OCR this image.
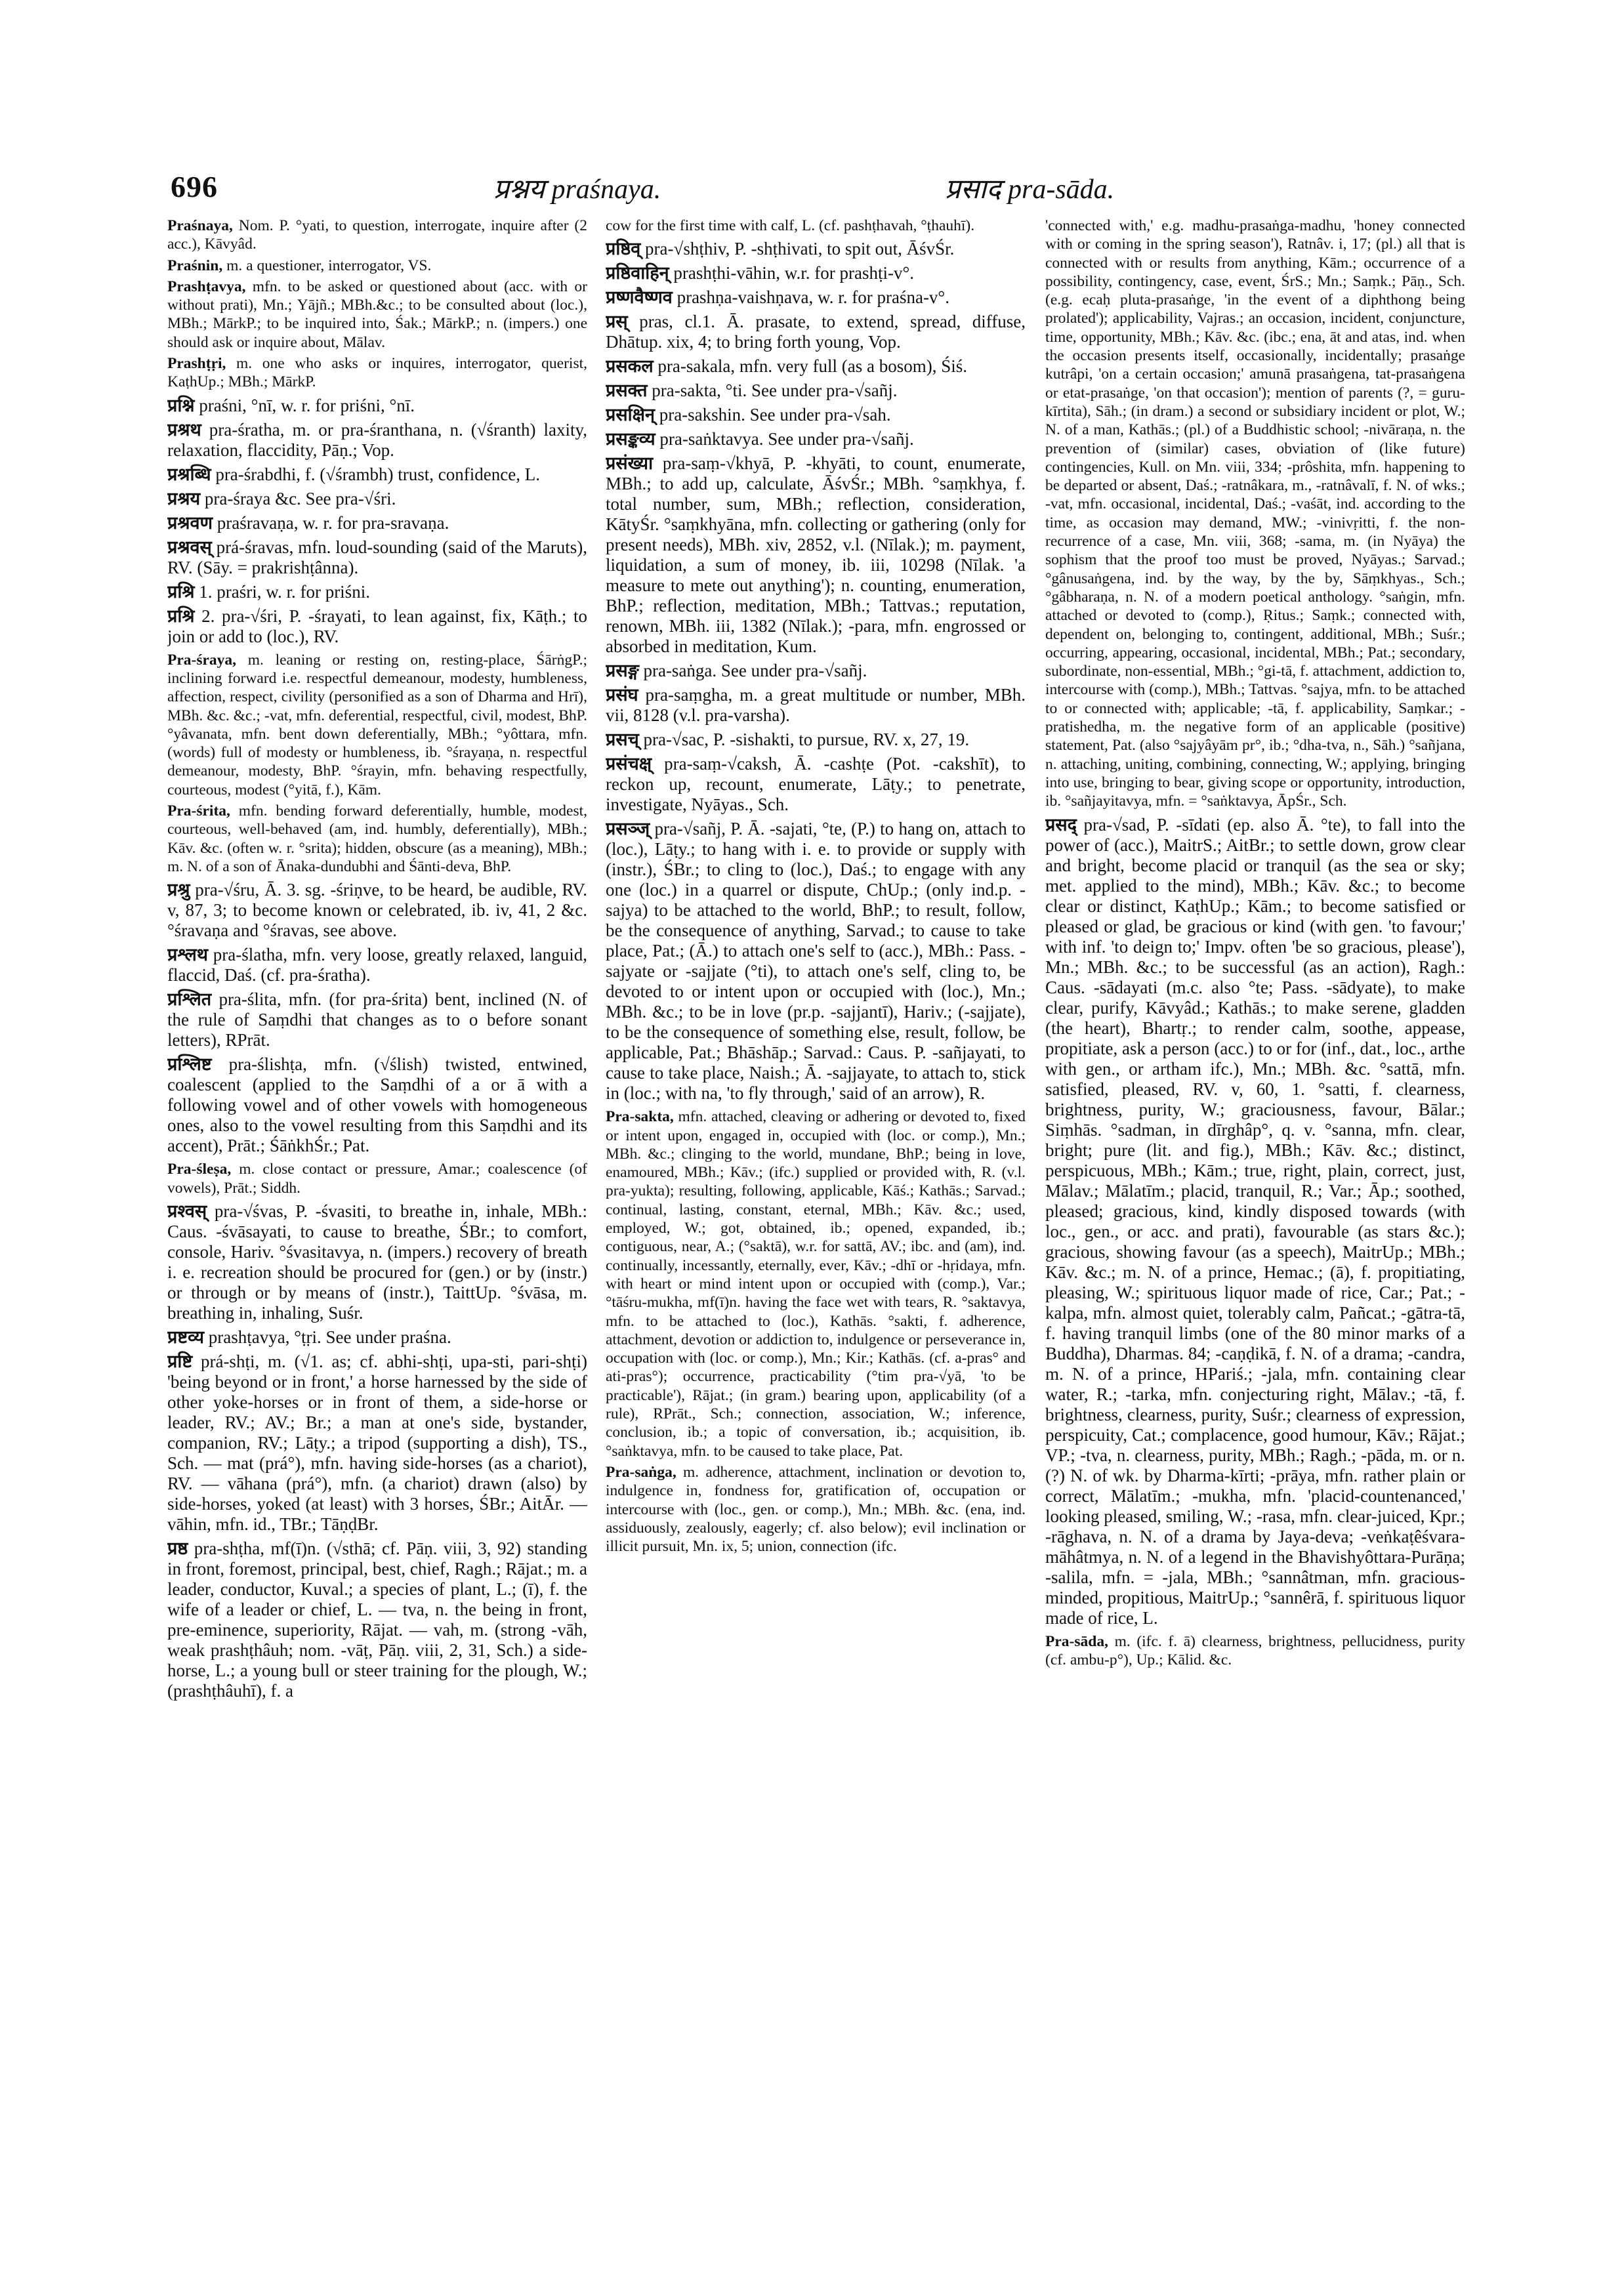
696	प्रश्नय praśnaya.	प्रसाद pra-sāda.

Praśnaya, Nom. P. °yati, to question, interrogate, inquire after (2 acc.), Kāvyâd.

Praśnin, m. a questioner, interrogator, VS.

Prashṭavya, mfn. to be asked or questioned about (acc. with or without prati), Mn.; Yājñ.; MBh.&c.; to be consulted about (loc.), MBh.; MārkP.; to be inquired into, Śak.; MārkP.; n. (impers.) one should ask or inquire about, Mālav.

Prashṭṛi, m. one who asks or inquires, interrogator, querist, KaṭhUp.; MBh.; MārkP.

प्रश्नि praśni, °nī, w. r. for priśni, °nī.

प्रश्रथ pra-śratha, m. or pra-śranthana, n. (√śranth) laxity, relaxation, flaccidity, Pāṇ.; Vop.

प्रश्रब्धि pra-śrabdhi, f. (√śrambh) trust, confidence, L.

प्रश्रय pra-śraya &c. See pra-√śri.

प्रश्रवण praśravaṇa, w. r. for pra-sravaṇa.

प्रश्रवस् prá-śravas, mfn. loud-sounding (said of the Maruts), RV. (Sāy. = prakrishṭânna).

प्रश्रि 1. praśri, w. r. for priśni.

प्रश्रि 2. pra-√śri, P. -śrayati, to lean against, fix, Kāṭh.; to join or add to (loc.), RV.

Pra-śraya, m. leaning or resting on, resting-place, ŚārṅgP.; inclining forward i.e. respectful demeanour, modesty, humbleness, affection, respect, civility (personified as a son of Dharma and Hrī), MBh. &c. &c.; -vat, mfn. deferential, respectful, civil, modest, BhP. °yâvanata, mfn. bent down deferentially, MBh.; °yôttara, mfn. (words) full of modesty or humbleness, ib. °śrayaṇa, n. respectful demeanour, modesty, BhP. °śrayin, mfn. behaving respectfully, courteous, modest (°yitā, f.), Kām.

Pra-śrita, mfn. bending forward deferentially, humble, modest, courteous, well-behaved (am, ind. humbly, deferentially), MBh.; Kāv. &c. (often w. r. °srita); hidden, obscure (as a meaning), MBh.; m. N. of a son of Ānaka-dundubhi and Śānti-deva, BhP.

प्रश्रु pra-√śru, Ā. 3. sg. -śriṇve, to be heard, be audible, RV. v, 87, 3; to become known or celebrated, ib. iv, 41, 2 &c. °śravaṇa and °śravas, see above.

प्रश्लथ pra-ślatha, mfn. very loose, greatly relaxed, languid, flaccid, Daś. (cf. pra-śratha).

प्रश्लित pra-ślita, mfn. (for pra-śrita) bent, inclined (N. of the rule of Saṃdhi that changes as to o before sonant letters), RPrāt.

प्रश्लिष्ट pra-ślishṭa, mfn. (√ślish) twisted, entwined, coalescent (applied to the Saṃdhi of a or ā with a following vowel and of other vowels with homogeneous ones, also to the vowel resulting from this Saṃdhi and its accent), Prāt.; ŚāṅkhŚr.; Pat.

Pra-śleṣa, m. close contact or pressure, Amar.; coalescence (of vowels), Prāt.; Siddh.

प्रश्वस् pra-√śvas, P. -śvasiti, to breathe in, inhale, MBh.: Caus. -śvāsayati, to cause to breathe, ŚBr.; to comfort, console, Hariv. °śvasitavya, n. (impers.) recovery of breath i. e. recreation should be procured for (gen.) or by (instr.) or through or by means of (instr.), TaittUp. °śvāsa, m. breathing in, inhaling, Suśr.

प्रष्टव्य prashṭavya, °ṭṛi. See under praśna.

प्रष्टि prá-shṭi, m. (√1. as; cf. abhi-shṭi, upa-sti, pari-shṭi) 'being beyond or in front,' a horse harnessed by the side of other yoke-horses or in front of them, a side-horse or leader, RV.; AV.; Br.; a man at one's side, bystander, companion, RV.; Lāṭy.; a tripod (supporting a dish), TS., Sch. — mat (prá°), mfn. having side-horses (as a chariot), RV. — vāhana (prá°), mfn. (a chariot) drawn (also) by side-horses, yoked (at least) with 3 horses, ŚBr.; AitĀr. — vāhin, mfn. id., TBr.; TāṇḍBr.

प्रष्ठ pra-shṭha, mf(ī)n. (√sthā; cf. Pāṇ. viii, 3, 92) standing in front, foremost, principal, best, chief, Ragh.; Rājat.; m. a leader, conductor, Kuval.; a species of plant, L.; (ī), f. the wife of a leader or chief, L. — tva, n. the being in front, pre-eminence, superiority, Rājat. — vah, m. (strong -vāh, weak prashṭhâuh; nom. -vāṭ, Pāṇ. viii, 2, 31, Sch.) a side-horse, L.; a young bull or steer training for the plough, W.; (prashṭhâuhī), f. a

cow for the first time with calf, L. (cf. pashṭhavah, °ṭhauhī).

प्रष्ठिव् pra-√shṭhiv, P. -shṭhivati, to spit out, ĀśvŚr.

प्रष्ठिवाहिन् prashṭhi-vāhin, w.r. for prashṭi-v°.

प्रष्णवैष्णव prashṇa-vaishṇava, w. r. for praśna-v°.

प्रस् pras, cl.1. Ā. prasate, to extend, spread, diffuse, Dhātup. xix, 4; to bring forth young, Vop.

प्रसकल pra-sakala, mfn. very full (as a bosom), Śiś.

प्रसक्त pra-sakta, °ti. See under pra-√sañj.

प्रसक्षिन् pra-sakshin. See under pra-√sah.

प्रसङ्कव्य pra-saṅktavya. See under pra-√sañj.

प्रसंख्या pra-saṃ-√khyā, P. -khyāti, to count, enumerate, MBh.; to add up, calculate, ĀśvŚr.; MBh. °saṃkhya, f. total number, sum, MBh.; reflection, consideration, KātyŚr. °saṃkhyāna, mfn. collecting or gathering (only for present needs), MBh. xiv, 2852, v.l. (Nīlak.); m. payment, liquidation, a sum of money, ib. iii, 10298 (Nīlak. 'a measure to mete out anything'); n. counting, enumeration, BhP.; reflection, meditation, MBh.; Tattvas.; reputation, renown, MBh. iii, 1382 (Nīlak.); -para, mfn. engrossed or absorbed in meditation, Kum.

प्रसङ्ग pra-saṅga. See under pra-√sañj.

प्रसंघ pra-saṃgha, m. a great multitude or number, MBh. vii, 8128 (v.l. pra-varsha).

प्रसच् pra-√sac, P. -sishakti, to pursue, RV. x, 27, 19.

प्रसंचक्ष् pra-saṃ-√caksh, Ā. -cashṭe (Pot. -cakshīt), to reckon up, recount, enumerate, Lāṭy.; to penetrate, investigate, Nyāyas., Sch.

प्रसञ्ज् pra-√sañj, P. Ā. -sajati, °te, (P.) to hang on, attach to (loc.), Lāṭy.; to hang with i. e. to provide or supply with (instr.), ŚBr.; to cling to (loc.), Daś.; to engage with any one (loc.) in a quarrel or dispute, ChUp.; (only ind.p. -sajya) to be attached to the world, BhP.; to result, follow, be the consequence of anything, Sarvad.; to cause to take place, Pat.; (Ā.) to attach one's self to (acc.), MBh.: Pass. -sajyate or -sajjate (°ti), to attach one's self, cling to, be devoted to or intent upon or occupied with (loc.), Mn.; MBh. &c.; to be in love (pr.p. -sajjantī), Hariv.; (-sajjate), to be the consequence of something else, result, follow, be applicable, Pat.; Bhāshāp.; Sarvad.: Caus. P. -sañjayati, to cause to take place, Naish.; Ā. -sajjayate, to attach to, stick in (loc.; with na, 'to fly through,' said of an arrow), R.

Pra-sakta, mfn. attached, cleaving or adhering or devoted to, fixed or intent upon, engaged in, occupied with (loc. or comp.), Mn.; MBh. &c.; clinging to the world, mundane, BhP.; being in love, enamoured, MBh.; Kāv.; (ifc.) supplied or provided with, R. (v.l. pra-yukta); resulting, following, applicable, Kāś.; Kathās.; Sarvad.; continual, lasting, constant, eternal, MBh.; Kāv. &c.; used, employed, W.; got, obtained, ib.; opened, expanded, ib.; contiguous, near, A.; (°saktā), w.r. for sattā, AV.; ibc. and (am), ind. continually, incessantly, eternally, ever, Kāv.; -dhī or -hṛidaya, mfn. with heart or mind intent upon or occupied with (comp.), Var.; °tāśru-mukha, mf(ī)n. having the face wet with tears, R. °saktavya, mfn. to be attached to (loc.), Kathās. °sakti, f. adherence, attachment, devotion or addiction to, indulgence or perseverance in, occupation with (loc. or comp.), Mn.; Kir.; Kathās. (cf. a-pras° and ati-pras°); occurrence, practicability (°tim pra-√yā, 'to be practicable'), Rājat.; (in gram.) bearing upon, applicability (of a rule), RPrāt., Sch.; connection, association, W.; inference, conclusion, ib.; a topic of conversation, ib.; acquisition, ib. °saṅktavya, mfn. to be caused to take place, Pat.

Pra-saṅga, m. adherence, attachment, inclination or devotion to, indulgence in, fondness for, gratification of, occupation or intercourse with (loc., gen. or comp.), Mn.; MBh. &c. (ena, ind. assiduously, zealously, eagerly; cf. also below); evil inclination or illicit pursuit, Mn. ix, 5; union, connection (ifc.

'connected with,' e.g. madhu-prasaṅga-madhu, 'honey connected with or coming in the spring season'), Ratnâv. i, 17; (pl.) all that is connected with or results from anything, Kām.; occurrence of a possibility, contingency, case, event, ŚrS.; Mn.; Saṃk.; Pāṇ., Sch. (e.g. ecaḥ pluta-prasaṅge, 'in the event of a diphthong being prolated'); applicability, Vajras.; an occasion, incident, conjuncture, time, opportunity, MBh.; Kāv. &c. (ibc.; ena, āt and atas, ind. when the occasion presents itself, occasionally, incidentally; prasaṅge kutrâpi, 'on a certain occasion;' amunā prasaṅgena, tat-prasaṅgena or etat-prasaṅge, 'on that occasion'); mention of parents (?, = guru-kīrtita), Sāh.; (in dram.) a second or subsidiary incident or plot, W.; N. of a man, Kathās.; (pl.) of a Buddhistic school; -nivāraṇa, n. the prevention of (similar) cases, obviation of (like future) contingencies, Kull. on Mn. viii, 334; -prôshita, mfn. happening to be departed or absent, Daś.; -ratnâkara, m., -ratnâvalī, f. N. of wks.; -vat, mfn. occasional, incidental, Daś.; -vaśāt, ind. according to the time, as occasion may demand, MW.; -vinivṛitti, f. the non-recurrence of a case, Mn. viii, 368; -sama, m. (in Nyāya) the sophism that the proof too must be proved, Nyāyas.; Sarvad.; °gânusaṅgena, ind. by the way, by the by, Sāṃkhyas., Sch.; °gâbharaṇa, n. N. of a modern poetical anthology. °saṅgin, mfn. attached or devoted to (comp.), Ṛitus.; Saṃk.; connected with, dependent on, belonging to, contingent, additional, MBh.; Suśr.; occurring, appearing, occasional, incidental, MBh.; Pat.; secondary, subordinate, non-essential, MBh.; °gi-tā, f. attachment, addiction to, intercourse with (comp.), MBh.; Tattvas. °sajya, mfn. to be attached to or connected with; applicable; -tā, f. applicability, Saṃkar.; -pratishedha, m. the negative form of an applicable (positive) statement, Pat. (also °sajyâyām pr°, ib.; °dha-tva, n., Sāh.) °sañjana, n. attaching, uniting, combining, connecting, W.; applying, bringing into use, bringing to bear, giving scope or opportunity, introduction, ib. °sañjayitavya, mfn. = °saṅktavya, ĀpŚr., Sch.

प्रसद् pra-√sad, P. -sīdati (ep. also Ā. °te), to fall into the power of (acc.), MaitrS.; AitBr.; to settle down, grow clear and bright, become placid or tranquil (as the sea or sky; met. applied to the mind), MBh.; Kāv. &c.; to become clear or distinct, KaṭhUp.; Kām.; to become satisfied or pleased or glad, be gracious or kind (with gen. 'to favour;' with inf. 'to deign to;' Impv. often 'be so gracious, please'), Mn.; MBh. &c.; to be successful (as an action), Ragh.: Caus. -sādayati (m.c. also °te; Pass. -sādyate), to make clear, purify, Kāvyâd.; Kathās.; to make serene, gladden (the heart), Bhartṛ.; to render calm, soothe, appease, propitiate, ask a person (acc.) to or for (inf., dat., loc., arthe with gen., or artham ifc.), Mn.; MBh. &c. °sattā, mfn. satisfied, pleased, RV. v, 60, 1. °satti, f. clearness, brightness, purity, W.; graciousness, favour, Bālar.; Siṃhās. °sadman, in dīrghâp°, q. v. °sanna, mfn. clear, bright; pure (lit. and fig.), MBh.; Kāv. &c.; distinct, perspicuous, MBh.; Kām.; true, right, plain, correct, just, Mālav.; Mālatīm.; placid, tranquil, R.; Var.; Āp.; soothed, pleased; gracious, kind, kindly disposed towards (with loc., gen., or acc. and prati), favourable (as stars &c.); gracious, showing favour (as a speech), MaitrUp.; MBh.; Kāv. &c.; m. N. of a prince, Hemac.; (ā), f. propitiating, pleasing, W.; spirituous liquor made of rice, Car.; Pat.; -kalpa, mfn. almost quiet, tolerably calm, Pañcat.; -gātra-tā, f. having tranquil limbs (one of the 80 minor marks of a Buddha), Dharmas. 84; -caṇḍikā, f. N. of a drama; -candra, m. N. of a prince, HPariś.; -jala, mfn. containing clear water, R.; -tarka, mfn. conjecturing right, Mālav.; -tā, f. brightness, clearness, purity, Suśr.; clearness of expression, perspicuity, Cat.; complacence, good humour, Kāv.; Rājat.; VP.; -tva, n. clearness, purity, MBh.; Ragh.; -pāda, m. or n. (?) N. of wk. by Dharma-kīrti; -prāya, mfn. rather plain or correct, Mālatīm.; -mukha, mfn. 'placid-countenanced,' looking pleased, smiling, W.; -rasa, mfn. clear-juiced, Kpr.; -rāghava, n. N. of a drama by Jaya-deva; -veṅkaṭêśvara-māhâtmya, n. N. of a legend in the Bhavishyôttara-Purāṇa; -salila, mfn. = -jala, MBh.; °sannâtman, mfn. gracious-minded, propitious, MaitrUp.; °sannêrā, f. spirituous liquor made of rice, L.

Pra-sāda, m. (ifc. f. ā) clearness, brightness, pellucidness, purity (cf. ambu-p°), Up.; Kālid. &c.
